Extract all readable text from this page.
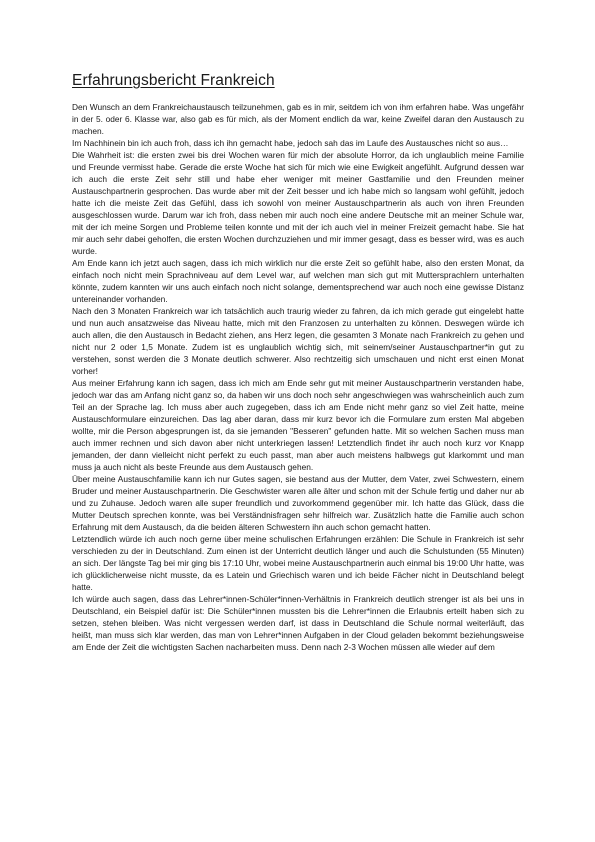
Erfahrungsbericht Frankreich

Den Wunsch an dem Frankreichaustausch teilzunehmen, gab es in mir, seitdem ich von ihm erfahren habe. Was ungefähr in der 5. oder 6. Klasse war, also gab es für mich, als der Moment endlich da war, keine Zweifel daran den Austausch zu machen.

Im Nachhinein bin ich auch froh, dass ich ihn gemacht habe, jedoch sah das im Laufe des Austausches nicht so aus…

Die Wahrheit ist: die ersten zwei bis drei Wochen waren für mich der absolute Horror, da ich unglaublich meine Familie und Freunde vermisst habe. Gerade die erste Woche hat sich für mich wie eine Ewigkeit angefühlt. Aufgrund dessen war ich auch die erste Zeit sehr still und habe eher weniger mit meiner Gastfamilie und den Freunden meiner Austauschpartnerin gesprochen. Das wurde aber mit der Zeit besser und ich habe mich so langsam wohl gefühlt, jedoch hatte ich die meiste Zeit das Gefühl, dass ich sowohl von meiner Austauschpartnerin als auch von ihren Freunden ausgeschlossen wurde. Darum war ich froh, dass neben mir auch noch eine andere Deutsche mit an meiner Schule war, mit der ich meine Sorgen und Probleme teilen konnte und mit der ich auch viel in meiner Freizeit gemacht habe. Sie hat mir auch sehr dabei geholfen, die ersten Wochen durchzuziehen und mir immer gesagt, dass es besser wird, was es auch wurde.

Am Ende kann ich jetzt auch sagen, dass ich mich wirklich nur die erste Zeit so gefühlt habe, also den ersten Monat, da einfach noch nicht mein Sprachniveau auf dem Level war, auf welchen man sich gut mit Muttersprachlern unterhalten könnte, zudem kannten wir uns auch einfach noch nicht solange, dementsprechend war auch noch eine gewisse Distanz untereinander vorhanden.

Nach den 3 Monaten Frankreich war ich tatsächlich auch traurig wieder zu fahren, da ich mich gerade gut eingelebt hatte und nun auch ansatzweise das Niveau hatte, mich mit den Franzosen zu unterhalten zu können. Deswegen würde ich auch allen, die den Austausch in Bedacht ziehen, ans Herz legen, die gesamten 3 Monate nach Frankreich zu gehen und nicht nur 2 oder 1,5 Monate. Zudem ist es unglaublich wichtig sich, mit seinem/seiner Austauschpartner*in gut zu verstehen, sonst werden die 3 Monate deutlich schwerer. Also rechtzeitig sich umschauen und nicht erst einen Monat vorher!

Aus meiner Erfahrung kann ich sagen, dass ich mich am Ende sehr gut mit meiner Austauschpartnerin verstanden habe, jedoch war das am Anfang nicht ganz so, da haben wir uns doch noch sehr angeschwiegen was wahrscheinlich auch zum Teil an der Sprache lag. Ich muss aber auch zugegeben, dass ich am Ende nicht mehr ganz so viel Zeit hatte, meine Austauschformulare einzureichen. Das lag aber daran, dass mir kurz bevor ich die Formulare zum ersten Mal abgeben wollte, mir die Person abgesprungen ist, da sie jemanden "Besseren" gefunden hatte. Mit so welchen Sachen muss man auch immer rechnen und sich davon aber nicht unterkriegen lassen! Letztendlich findet ihr auch noch kurz vor Knapp jemanden, der dann vielleicht nicht perfekt zu euch passt, man aber auch meistens halbwegs gut klarkommt und man muss ja auch nicht als beste Freunde aus dem Austausch gehen.

Über meine Austauschfamilie kann ich nur Gutes sagen, sie bestand aus der Mutter, dem Vater, zwei Schwestern, einem Bruder und meiner Austauschpartnerin. Die Geschwister waren alle älter und schon mit der Schule fertig und daher nur ab und zu Zuhause. Jedoch waren alle super freundlich und zuvorkommend gegenüber mir. Ich hatte das Glück, dass die Mutter Deutsch sprechen konnte, was bei Verständnisfragen sehr hilfreich war. Zusätzlich hatte die Familie auch schon Erfahrung mit dem Austausch, da die beiden älteren Schwestern ihn auch schon gemacht hatten.

Letztendlich würde ich auch noch gerne über meine schulischen Erfahrungen erzählen: Die Schule in Frankreich ist sehr verschieden zu der in Deutschland. Zum einen ist der Unterricht deutlich länger und auch die Schulstunden (55 Minuten) an sich. Der längste Tag bei mir ging bis 17:10 Uhr, wobei meine Austauschpartnerin auch einmal bis 19:00 Uhr hatte, was ich glücklicherweise nicht musste, da es Latein und Griechisch waren und ich beide Fächer nicht in Deutschland belegt hatte.

Ich würde auch sagen, dass das Lehrer*innen-Schüler*innen-Verhältnis in Frankreich deutlich strenger ist als bei uns in Deutschland, ein Beispiel dafür ist: Die Schüler*innen mussten bis die Lehrer*innen die Erlaubnis erteilt haben sich zu setzen, stehen bleiben. Was nicht vergessen werden darf, ist dass in Deutschland die Schule normal weiterläuft, das heißt, man muss sich klar werden, das man von Lehrer*innen Aufgaben in der Cloud geladen bekommt beziehungsweise am Ende der Zeit die wichtigsten Sachen nacharbeiten muss. Denn nach 2-3 Wochen müssen alle wieder auf dem
